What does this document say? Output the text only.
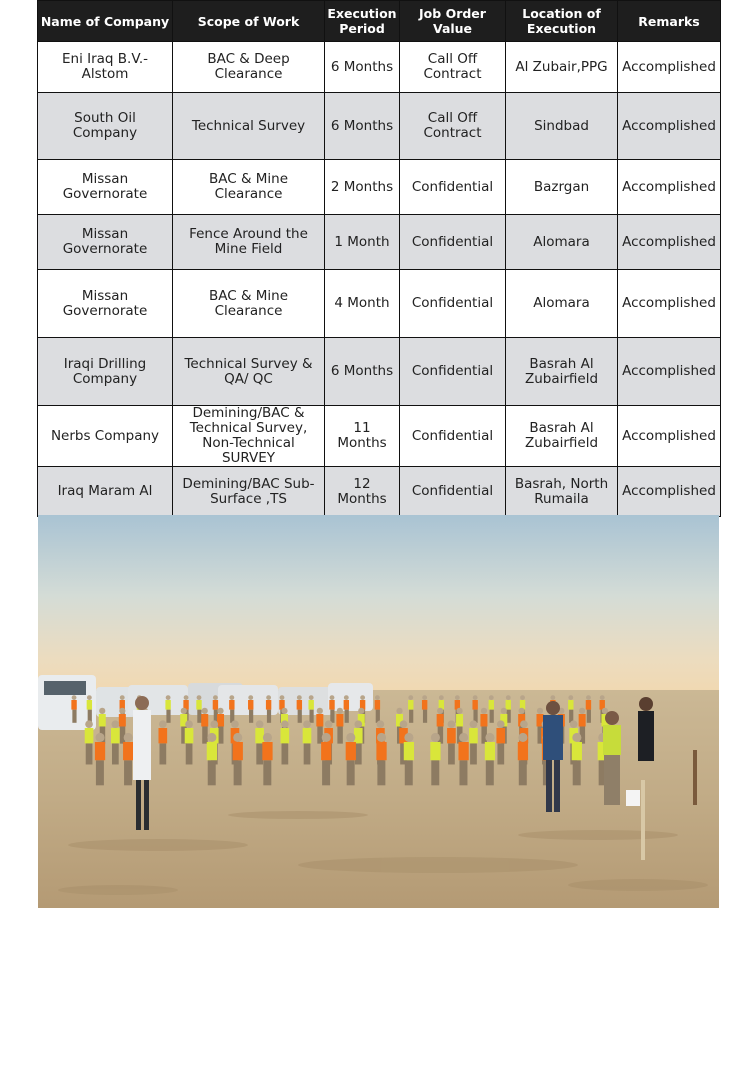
Name of Company	Scope of Work	Execution Period	Job Order Value	Location of Execution	Remarks
Eni Iraq B.V.- Alstom	BAC & Deep Clearance	6 Months	Call Off Contract	Al Zubair,PPG	Accomplished
South Oil Company	Technical Survey	6 Months	Call Off Contract	Sindbad	Accomplished
Missan Governorate	BAC & Mine Clearance	2 Months	Confidential	Bazrgan	Accomplished
Missan Governorate	Fence Around the Mine Field	1 Month	Confidential	Alomara	Accomplished
Missan Governorate	BAC & Mine Clearance	4 Month	Confidential	Alomara	Accomplished
Iraqi Drilling Company	Technical Survey & QA/ QC	6 Months	Confidential	Basrah Al Zubairfield	Accomplished
Nerbs Company	Demining/BAC & Technical Survey, Non-Technical SURVEY	11 Months	Confidential	Basrah Al Zubairfield	Accomplished
Iraq Maram Al	Demining/BAC Sub-Surface ,TS	12 Months	Confidential	Basrah, North Rumaila	Accomplished
